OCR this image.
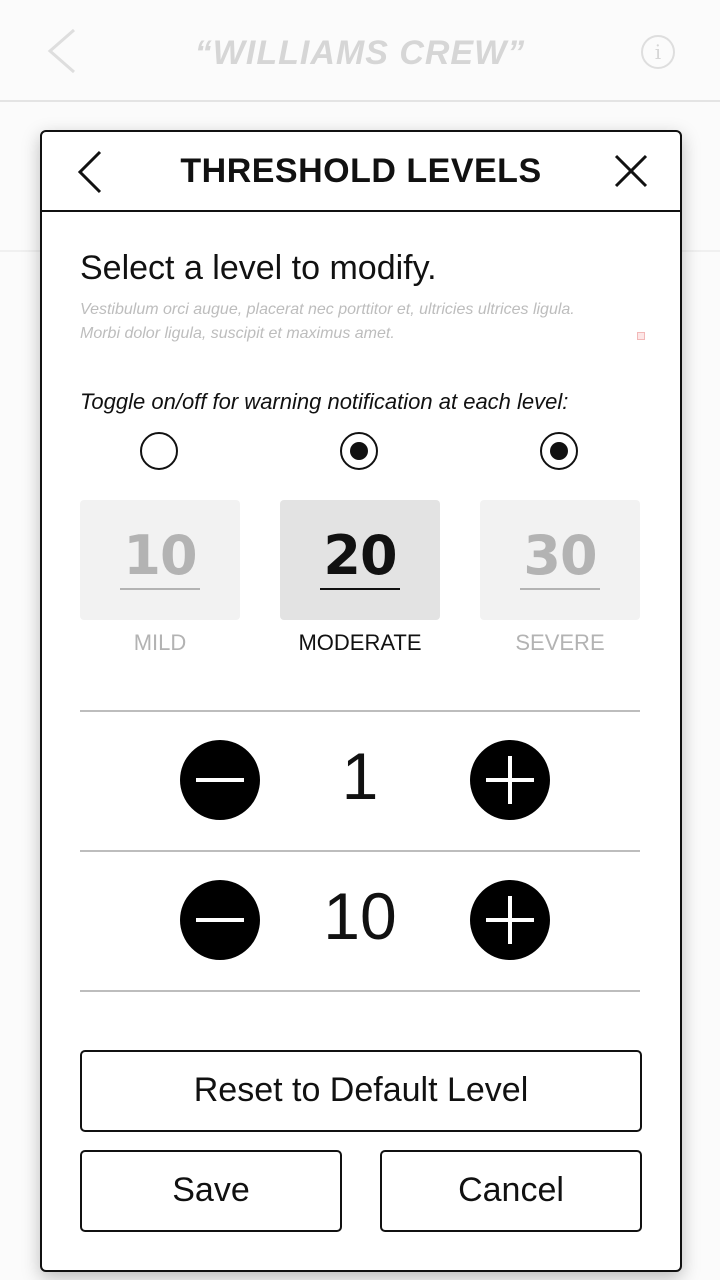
“WILLIAMS CREW”	i
THRESHOLD LEVELS
Select a level to modify.
Vestibulum orci augue, placerat nec porttitor et, ultricies ultrices ligula.
Morbi dolor ligula, suscipit et maximus amet.
Toggle on/off for warning notification at each level:
10	20	30
MILD	MODERATE	SEVERE
1
10
Reset to Default Level
Save	Cancel
